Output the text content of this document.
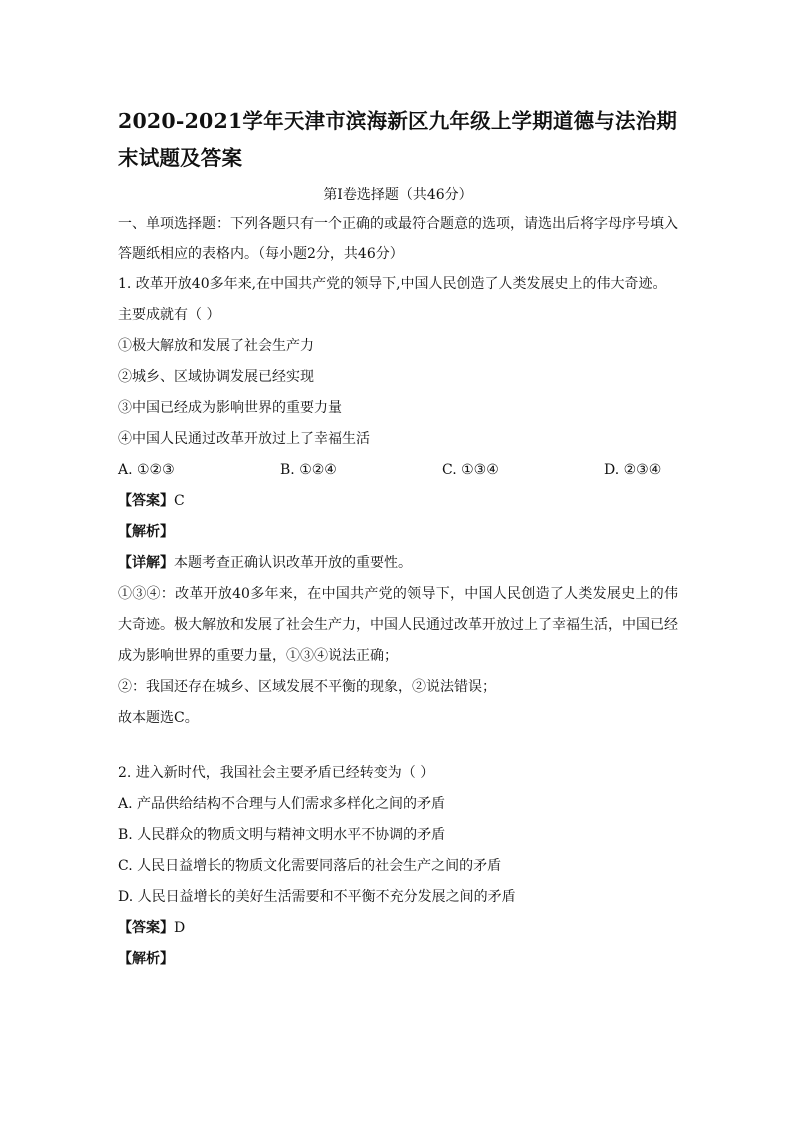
2020-2021学年天津市滨海新区九年级上学期道德与法治期
末试题及答案
第Ⅰ卷选择题（共46分）
一、单项选择题：下列各题只有一个正确的或最符合题意的选项，请选出后将字母序号填入答题纸相应的表格内。（每小题2分，共46分）
1. 改革开放40多年来,在中国共产党的领导下,中国人民创造了人类发展史上的伟大奇迹。
主要成就有（ ）
①极大解放和发展了社会生产力
②城乡、区域协调发展已经实现
③中国已经成为影响世界的重要力量
④中国人民通过改革开放过上了幸福生活
A. ①②③	B. ①②④	C. ①③④	D. ②③④
【答案】C
【解析】
【详解】本题考查正确认识改革开放的重要性。
①③④：改革开放40多年来，在中国共产党的领导下，中国人民创造了人类发展史上的伟大奇迹。极大解放和发展了社会生产力，中国人民通过改革开放过上了幸福生活，中国已经成为影响世界的重要力量，①③④说法正确；
②：我国还存在城乡、区域发展不平衡的现象，②说法错误；
故本题选C。
2. 进入新时代，我国社会主要矛盾已经转变为（ ）
A. 产品供给结构不合理与人们需求多样化之间的矛盾
B. 人民群众的物质文明与精神文明水平不协调的矛盾
C. 人民日益增长的物质文化需要同落后的社会生产之间的矛盾
D. 人民日益增长的美好生活需要和不平衡不充分发展之间的矛盾
【答案】D
【解析】
